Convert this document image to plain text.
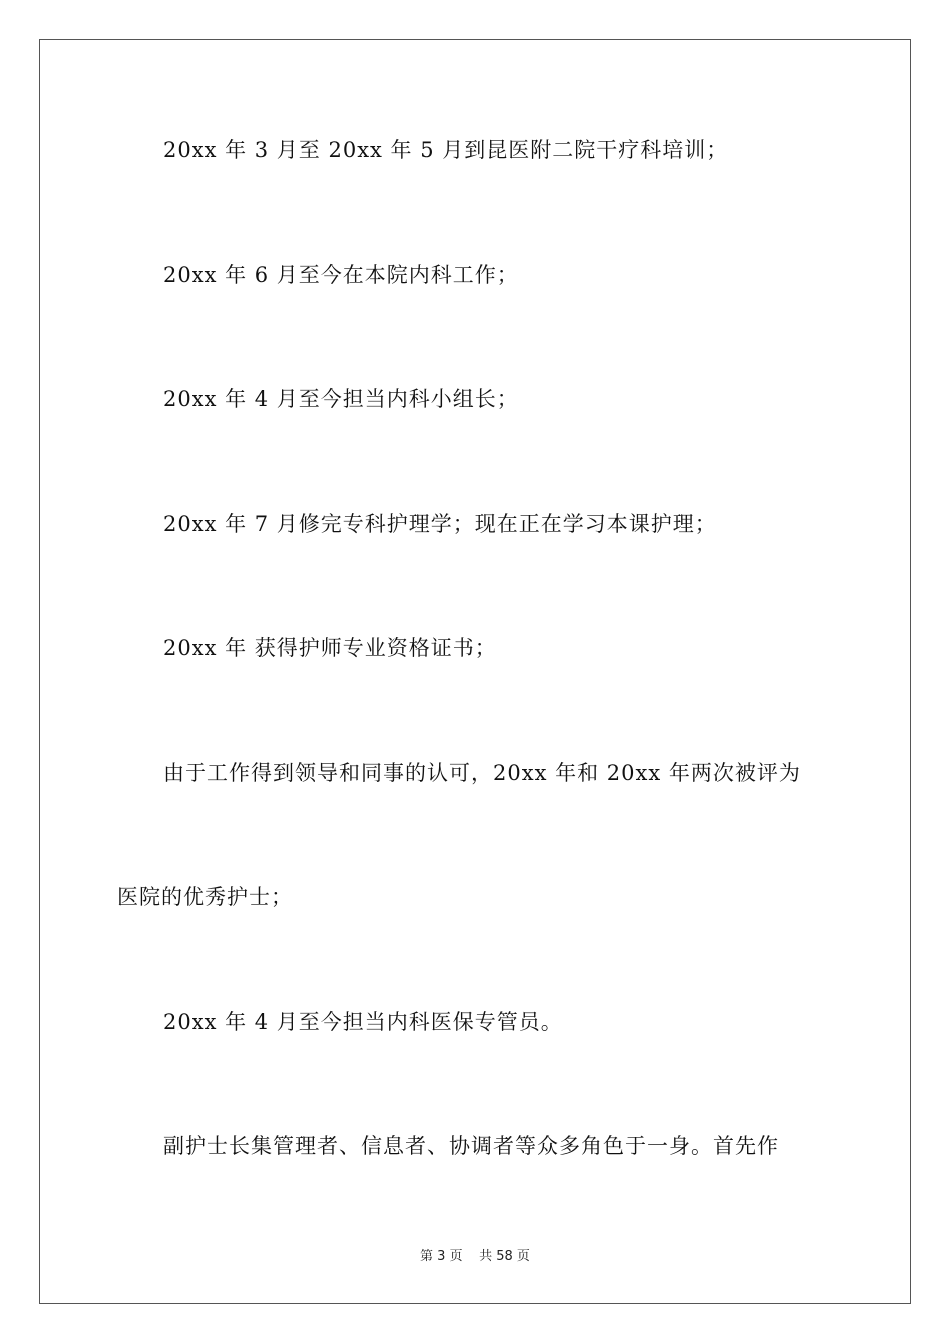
20xx 年 3 月至 20xx 年 5 月到昆医附二院干疗科培训；
20xx 年 6 月至今在本院内科工作；
20xx 年 4 月至今担当内科小组长；
20xx 年 7 月修完专科护理学；现在正在学习本课护理；
20xx 年 获得护师专业资格证书；
由于工作得到领导和同事的认可，20xx 年和 20xx 年两次被评为
医院的优秀护士；
20xx 年 4 月至今担当内科医保专管员。
副护士长集管理者、信息者、协调者等众多角色于一身。首先作
第 3 页 共 58 页
